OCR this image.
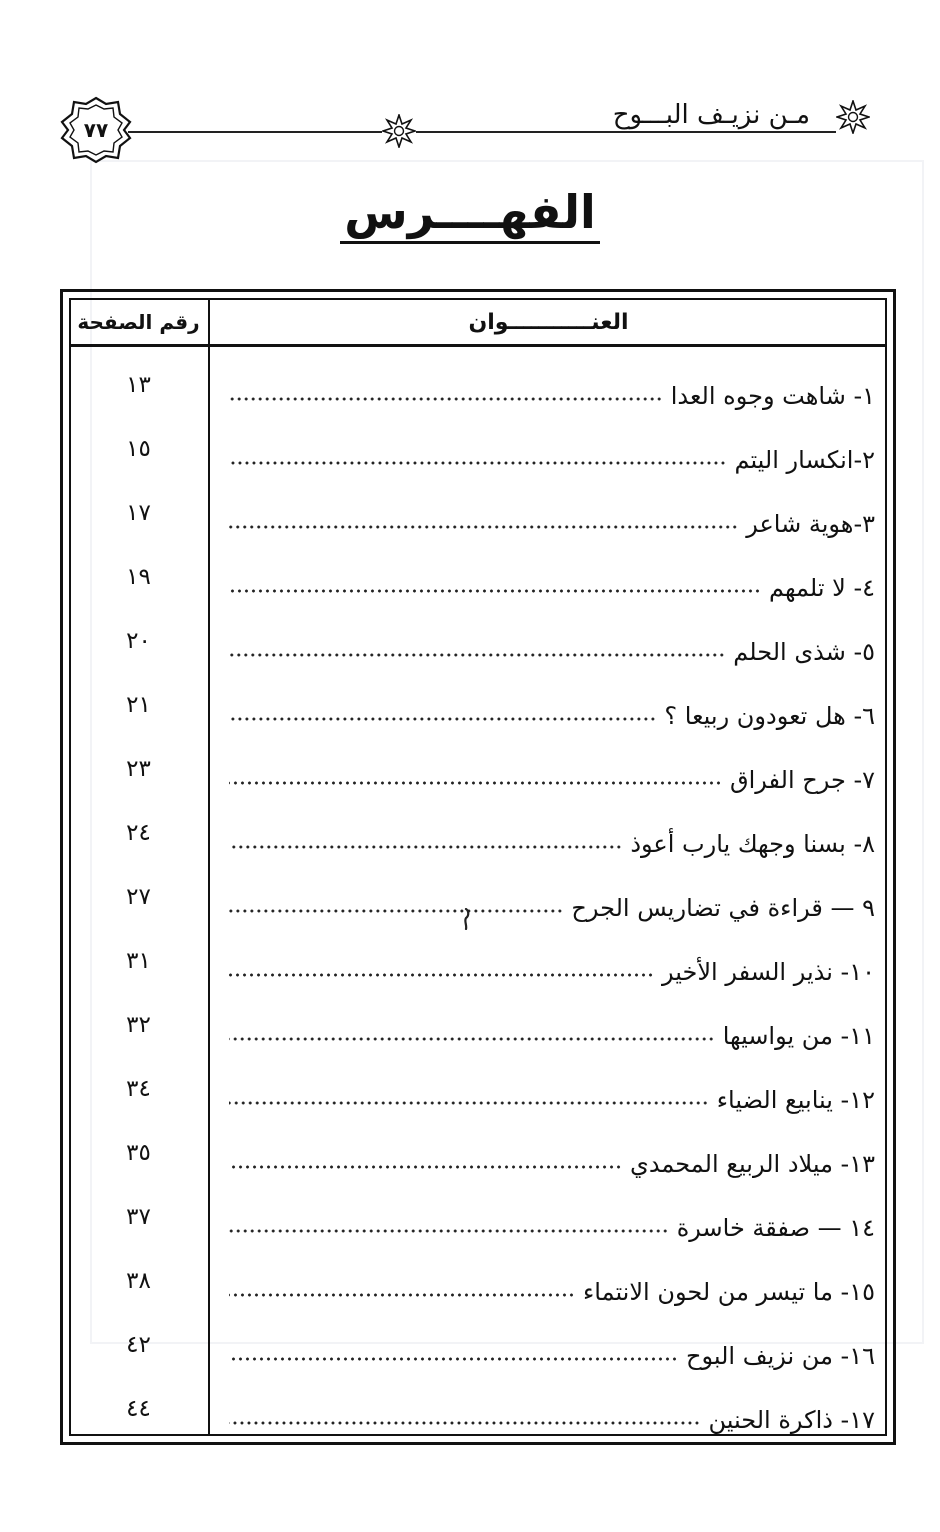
٧٧	مـن نزيـف البـــوح
الفهــــرس
رقم الصفحة	العنـــــــــــوان
١٣	١- شاهت وجوه العدا
١٥	٢-انكسار اليتم
١٧	٣-هوية شاعر
١٩	٤- لا تلمهم
٢٠	٥- شذى الحلم
٢١	٦- هل تعودون ربيعا ؟
٢٣	٧- جرح الفراق
٢٤	٨- بسنا وجهك يارب أعوذ
٢٧	٩ — قراءة في تضاريس الجرح
٣١	١٠- نذير السفر الأخير
٣٢	١١- من يواسيها
٣٤	١٢- ينابيع الضياء
٣٥	١٣- ميلاد الربيع المحمدي
٣٧	١٤ — صفقة خاسرة
٣٨	١٥- ما تيسر من لحون الانتماء
٤٢	١٦- من نزيف البوح
٤٤	١٧- ذاكرة الحنين
